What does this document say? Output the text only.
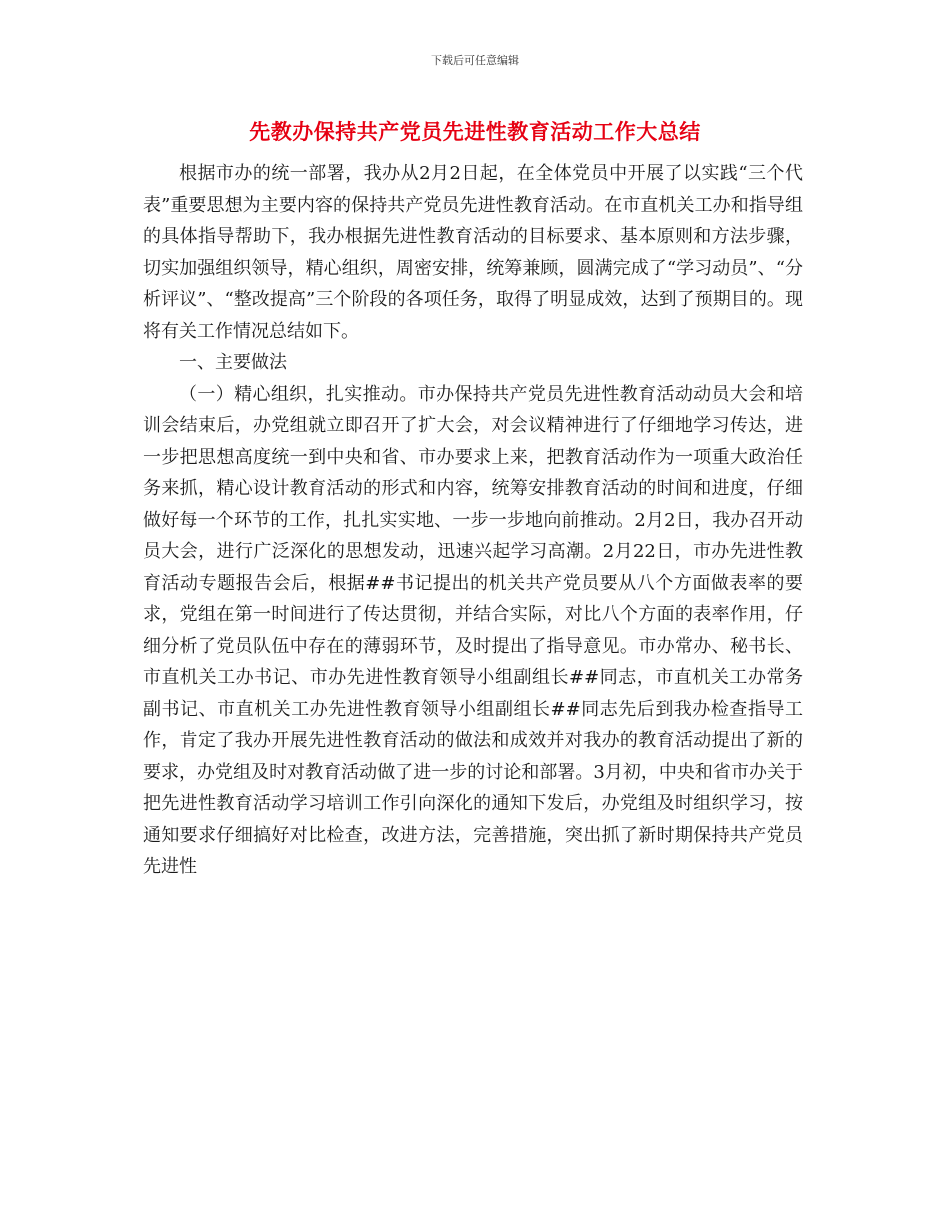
下载后可任意编辑
先教办保持共产党员先进性教育活动工作大总结

根据市办的统一部署，我办从2月2日起，在全体党员中开展了以实践“三个代表”重要思想为主要内容的保持共产党员先进性教育活动。在市直机关工办和指导组的具体指导帮助下，我办根据先进性教育活动的目标要求、基本原则和方法步骤，切实加强组织领导，精心组织，周密安排，统筹兼顾，圆满完成了“学习动员”、“分析评议”、“整改提高”三个阶段的各项任务，取得了明显成效，达到了预期目的。现将有关工作情况总结如下。

一、主要做法

（一）精心组织，扎实推动。市办保持共产党员先进性教育活动动员大会和培训会结束后，办党组就立即召开了扩大会，对会议精神进行了仔细地学习传达，进一步把思想高度统一到中央和省、市办要求上来，把教育活动作为一项重大政治任务来抓，精心设计教育活动的形式和内容，统筹安排教育活动的时间和进度，仔细做好每一个环节的工作，扎扎实实地、一步一步地向前推动。2月2日，我办召开动员大会，进行广泛深化的思想发动，迅速兴起学习高潮。2月22日，市办先进性教育活动专题报告会后，根据##书记提出的机关共产党员要从八个方面做表率的要求，党组在第一时间进行了传达贯彻，并结合实际，对比八个方面的表率作用，仔细分析了党员队伍中存在的薄弱环节，及时提出了指导意见。市办常办、秘书长、市直机关工办书记、市办先进性教育领导小组副组长##同志，市直机关工办常务副书记、市直机关工办先进性教育领导小组副组长##同志先后到我办检查指导工作，肯定了我办开展先进性教育活动的做法和成效并对我办的教育活动提出了新的要求，办党组及时对教育活动做了进一步的讨论和部署。3月初，中央和省市办关于把先进性教育活动学习培训工作引向深化的通知下发后，办党组及时组织学习，按通知要求仔细搞好对比检查，改进方法，完善措施，突出抓了新时期保持共产党员先进性
